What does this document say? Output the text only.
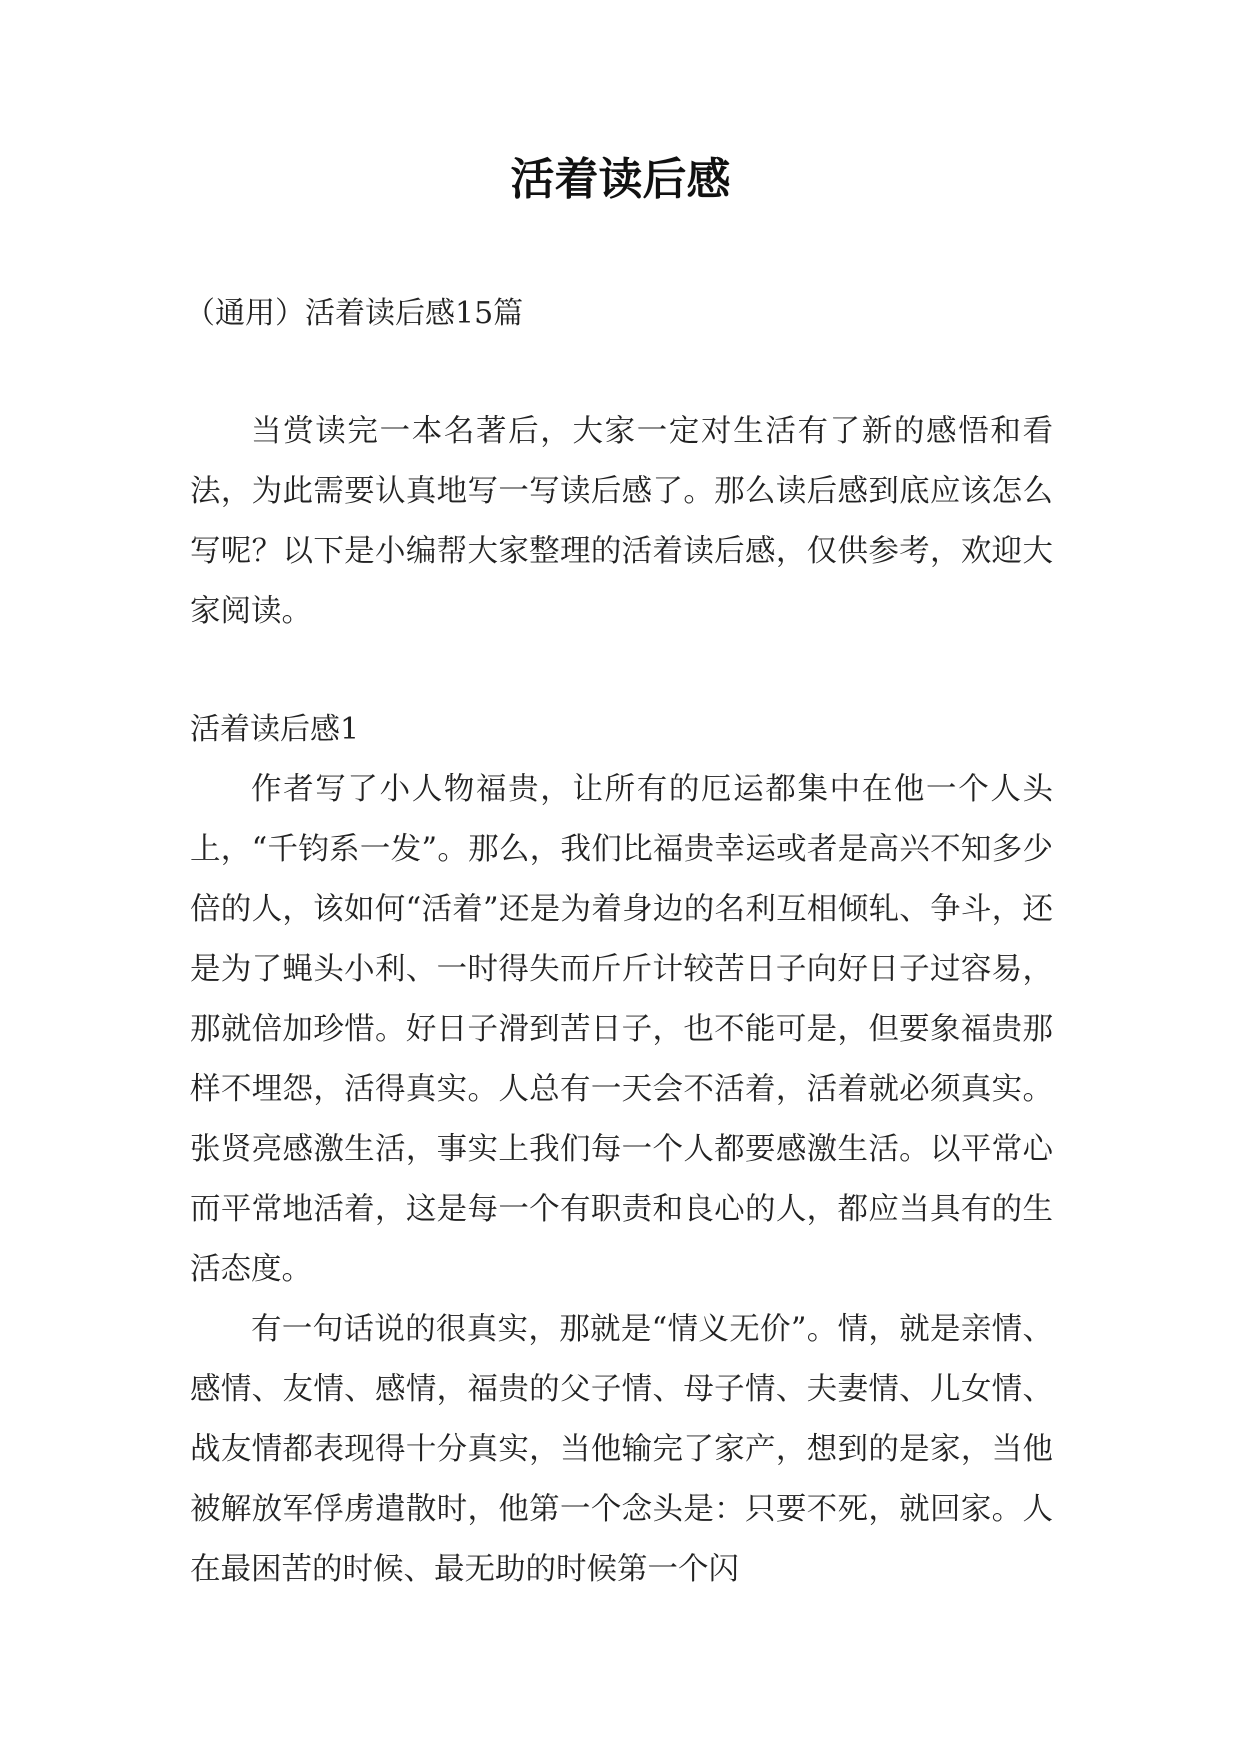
活着读后感
（通用）活着读后感15篇

当赏读完一本名著后，大家一定对生活有了新的感悟和看法，为此需要认真地写一写读后感了。那么读后感到底应该怎么写呢？以下是小编帮大家整理的活着读后感，仅供参考，欢迎大家阅读。

活着读后感1

作者写了小人物福贵，让所有的厄运都集中在他一个人头上，“千钧系一发”。那么，我们比福贵幸运或者是高兴不知多少倍的人，该如何“活着”还是为着身边的名利互相倾轧、争斗，还是为了蝇头小利、一时得失而斤斤计较苦日子向好日子过容易，那就倍加珍惜。好日子滑到苦日子，也不能可是，但要象福贵那样不埋怨，活得真实。人总有一天会不活着，活着就必须真实。张贤亮感激生活，事实上我们每一个人都要感激生活。以平常心而平常地活着，这是每一个有职责和良心的人，都应当具有的生活态度。

有一句话说的很真实，那就是“情义无价”。情，就是亲情、感情、友情、感情，福贵的父子情、母子情、夫妻情、儿女情、战友情都表现得十分真实，当他输完了家产，想到的是家，当他被解放军俘虏遣散时，他第一个念头是：只要不死，就回家。人在最困苦的时候、最无助的时候第一个闪
